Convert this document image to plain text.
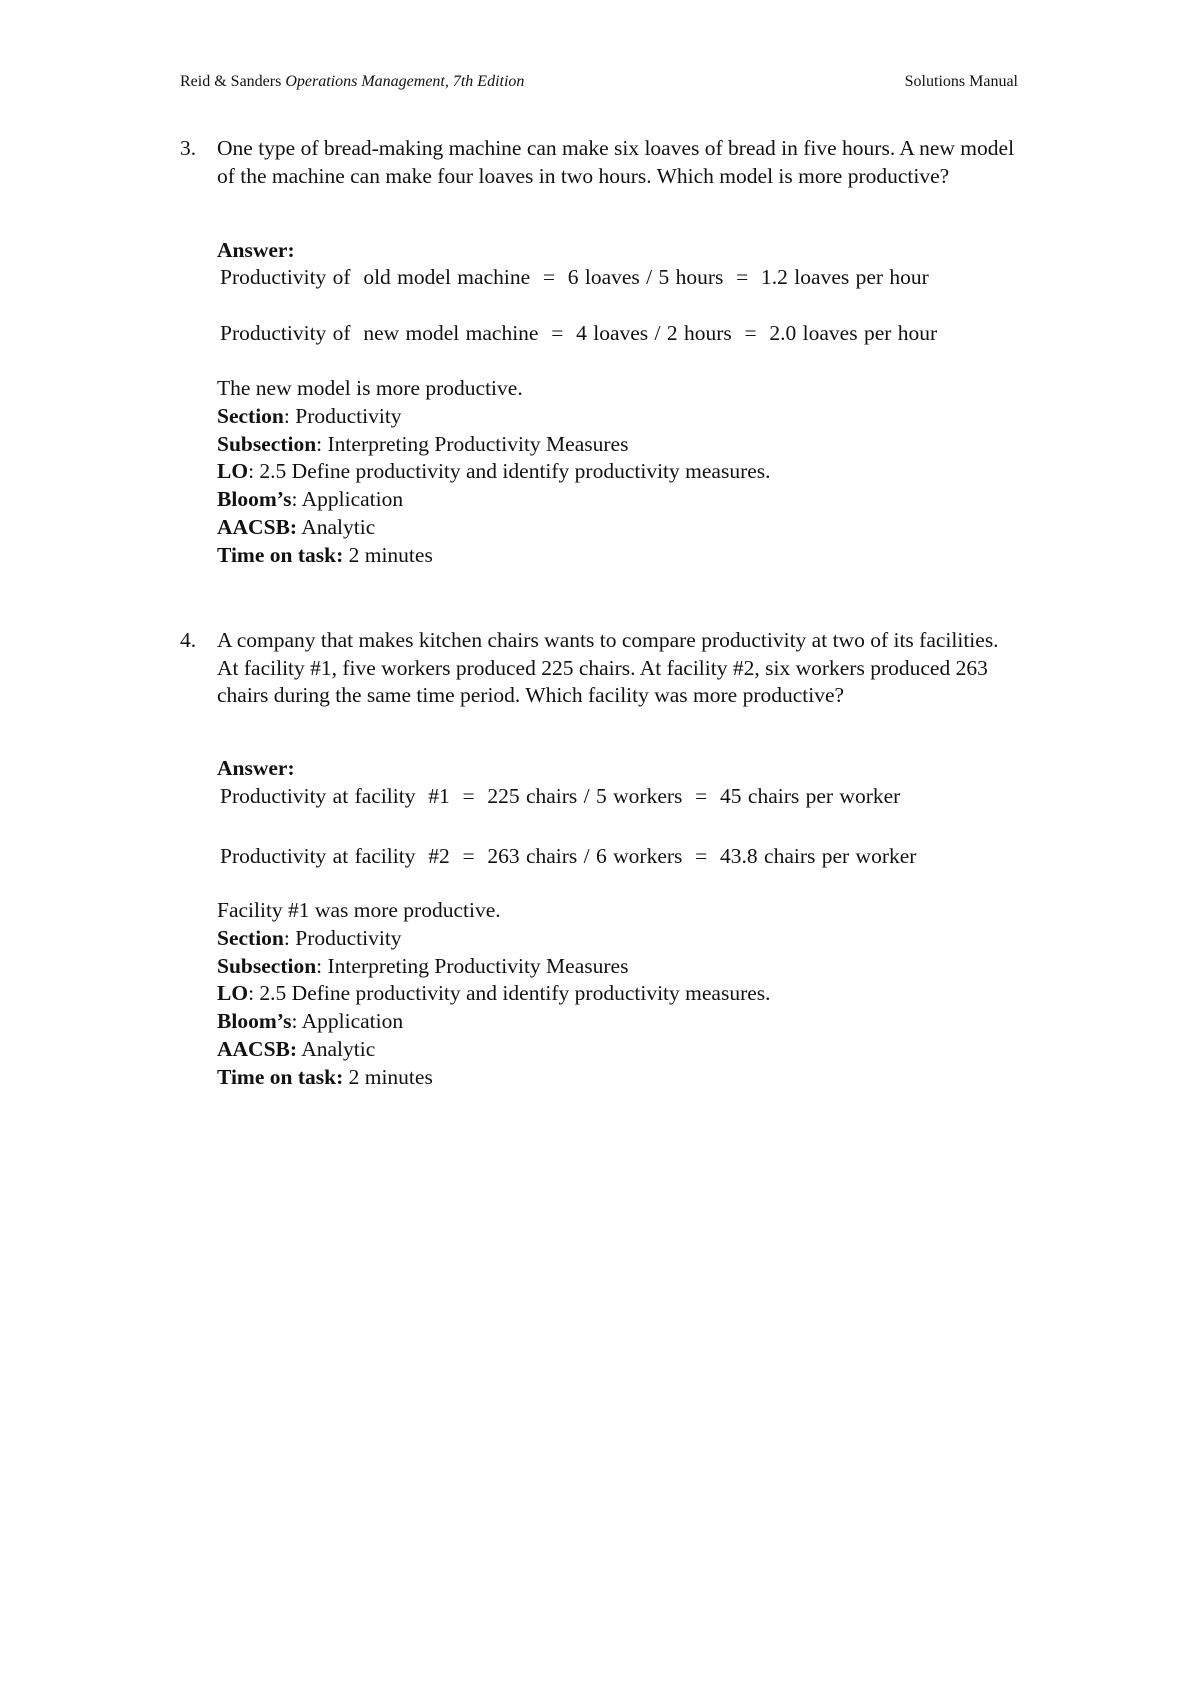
Reid & Sanders Operations Management, 7th Edition	Solutions Manual
3. One type of bread-making machine can make six loaves of bread in five hours. A new model of the machine can make four loaves in two hours. Which model is more productive?
Answer:
Productivity of  old model machine  =  6 loaves / 5 hours  =  1.2 loaves per hour
Productivity of  new model machine  =  4 loaves / 2 hours  =  2.0 loaves per hour
The new model is more productive.
Section: Productivity
Subsection: Interpreting Productivity Measures
LO: 2.5 Define productivity and identify productivity measures.
Bloom’s: Application
AACSB: Analytic
Time on task: 2 minutes
4. A company that makes kitchen chairs wants to compare productivity at two of its facilities. At facility #1, five workers produced 225 chairs. At facility #2, six workers produced 263 chairs during the same time period. Which facility was more productive?
Answer:
Productivity at facility  #1  =  225 chairs / 5 workers  =  45 chairs per worker
Productivity at facility  #2  =  263 chairs / 6 workers  =  43.8 chairs per worker
Facility #1 was more productive.
Section: Productivity
Subsection: Interpreting Productivity Measures
LO: 2.5 Define productivity and identify productivity measures.
Bloom’s: Application
AACSB: Analytic
Time on task: 2 minutes
